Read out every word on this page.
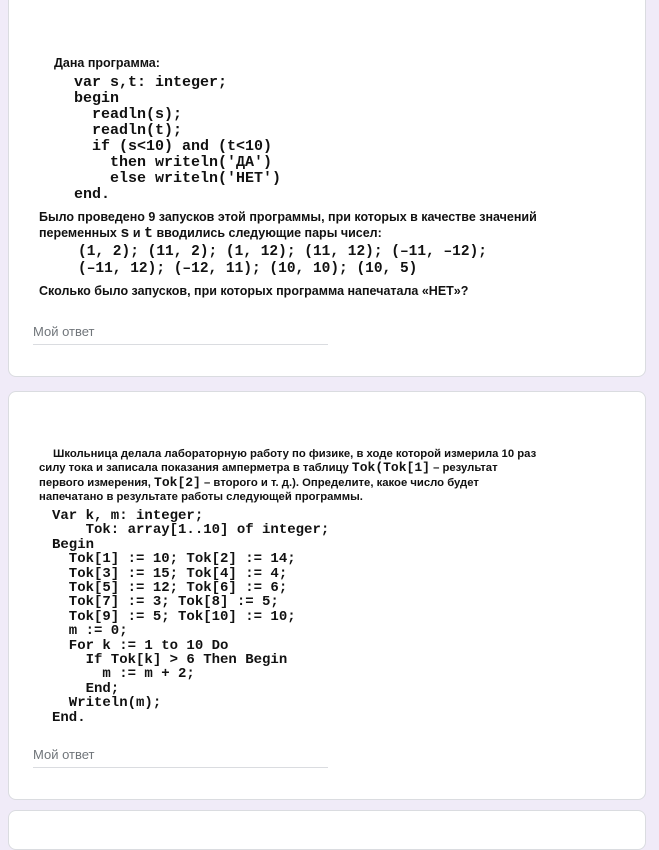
Дана программа:
var s,t: integer;
begin
readln(s);
readln(t);
if (s<10) and (t<10)
then writeln('ДА')
else writeln('НЕТ')
end.
Было проведено 9 запусков этой программы, при которых в качестве значений переменных s и t вводились следующие пары чисел:
(1, 2); (11, 2); (1, 12); (11, 12); (–11, –12);
(–11, 12); (–12, 11); (10, 10); (10, 5)
Сколько было запусков, при которых программа напечатала «НЕТ»?
Мой ответ
Школьница делала лабораторную работу по физике, в ходе которой измерила 10 раз силу тока и записала показания амперметра в таблицу Tok(Tok[1] – результат первого измерения, Tok[2] – второго и т. д.). Определите, какое число будет напечатано в результате работы следующей программы.
Var k, m: integer;
Tok: array[1..10] of integer;
Begin
Tok[1] := 10; Tok[2] := 14;
Tok[3] := 15; Tok[4] := 4;
Tok[5] := 12; Tok[6] := 6;
Tok[7] := 3; Tok[8] := 5;
Tok[9] := 5; Tok[10] := 10;
m := 0;
For k := 1 to 10 Do
If Tok[k] > 6 Then Begin
m := m + 2;
End;
Writeln(m);
End.
Мой ответ
